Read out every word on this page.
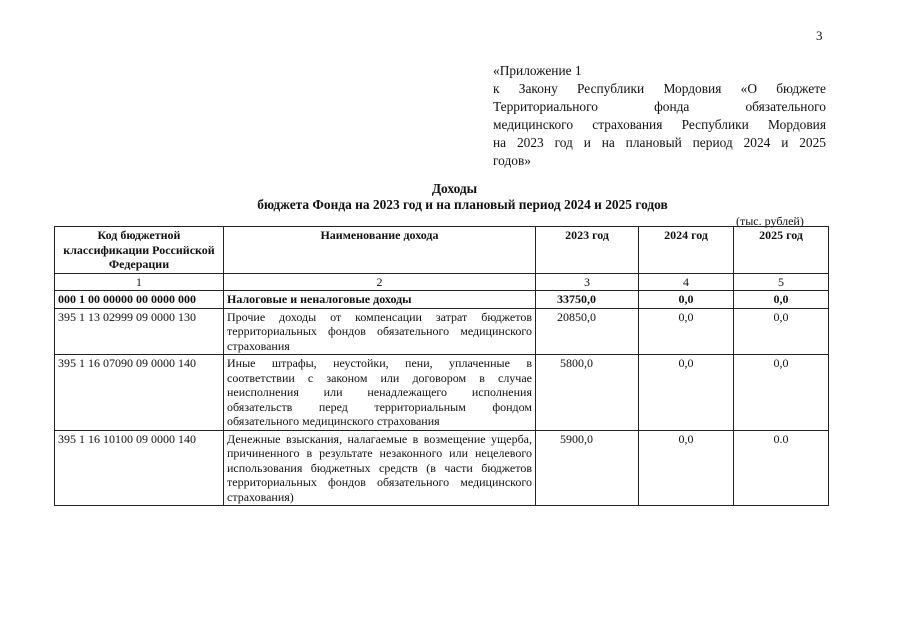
3
«Приложение 1
к Закону Республики Мордовия «О бюджете
Территориального фонда обязательного
медицинского страхования Республики Мордовия
на 2023 год и на плановый период 2024 и 2025
годов»
Доходы
бюджета Фонда на 2023 год и на плановый период 2024 и 2025 годов
(тыс. рублей)
Код бюджетной классификации Российской Федерации	Наименование дохода	2023 год	2024 год	2025 год
1	2	3	4	5
000 1 00 00000 00 0000 000	Налоговые и неналоговые доходы	33750,0	0,0	0,0
395 1 13 02999 09 0000 130	Прочие доходы от компенсации затрат бюджетов территориальных фондов обязательного медицинского страхования	20850,0	0,0	0,0
395 1 16 07090 09 0000 140	Иные штрафы, неустойки, пени, уплаченные в соответствии с законом или договором в случае неисполнения или ненадлежащего исполнения обязательств перед территориальным фондом обязательного медицинского страхования	5800,0	0,0	0,0
395 1 16 10100 09 0000 140	Денежные взыскания, налагаемые в возмещение ущерба, причиненного в результате незаконного или нецелевого использования бюджетных средств (в части бюджетов территориальных фондов обязательного медицинского страхования)	5900,0	0,0	0.0
